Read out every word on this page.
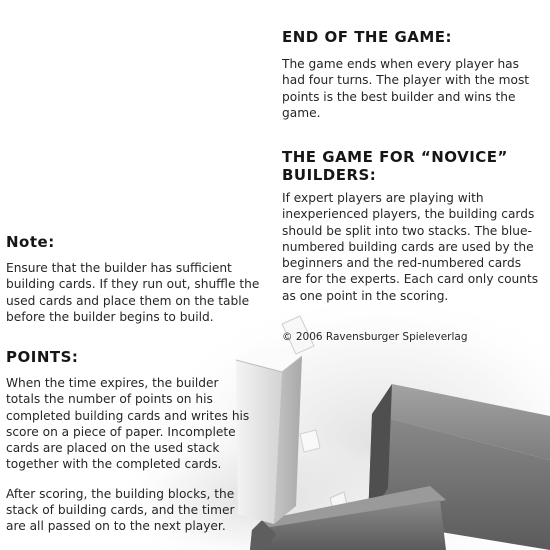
END OF THE GAME:

The game ends when every player has had four turns. The player with the most points is the best builder and wins the game.

THE GAME FOR “NOVICE”
BUILDERS:

If expert players are playing with inexperienced players, the building cards should be split into two stacks. The blue-numbered building cards are used by the beginners and the red-numbered cards are for the experts. Each card only counts as one point in the scoring.

© 2006 Ravensburger Spieleverlag

Note:

Ensure that the builder has sufficient building cards. If they run out, shuffle the used cards and place them on the table before the builder begins to build.

POINTS:

When the time expires, the builder totals the number of points on his completed building cards and writes his score on a piece of paper. Incomplete cards are placed on the used stack together with the completed cards.

After scoring, the building blocks, the stack of building cards, and the timer are all passed on to the next player.
